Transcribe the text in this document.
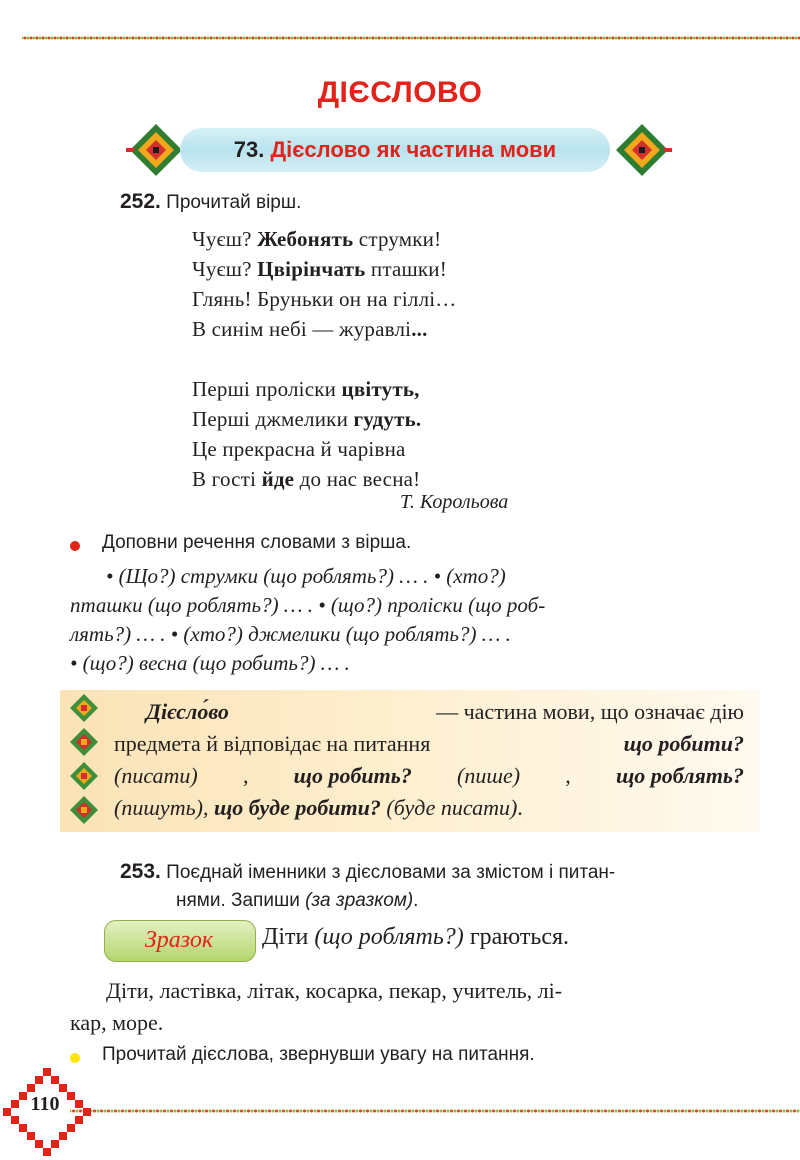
ДІЄСЛОВО
73. Дієслово як частина мови
252. Прочитай вірш.
Чуєш? Жебонять струмки!
Чуєш? Цвірінчать пташки!
Глянь! Бруньки он на гіллі…
В синім небі — журавлі...
Перші проліски цвітуть,
Перші джмелики гудуть.
Це прекрасна й чарівна
В гості йде до нас весна!
Т. Корольова
Доповни речення словами з вірша.
• (Що?) струмки (що роблять?) … . • (хто?)
пташки (що роблять?) … . • (що?) проліски (що роб-
лять?) … . • (хто?) джмелики (що роблять?) … .
• (що?) весна (що робить?) … .
Дієсло́во	— частина мови, що означає дію
предмета й відповідає на питання	що робити?
(писати) , що робить? (пише) , що роблять?
(пишуть), що буде робити? (буде писати).
253. Поєднай іменники з дієсловами за змістом і питан-
нями. Запиши (за зразком).
Зразок	Діти (що роблять?) граються.
Діти, ластівка, літак, косарка, пекар, учитель, лі-
кар, море.
Прочитай дієслова, звернувши увагу на питання.
110
